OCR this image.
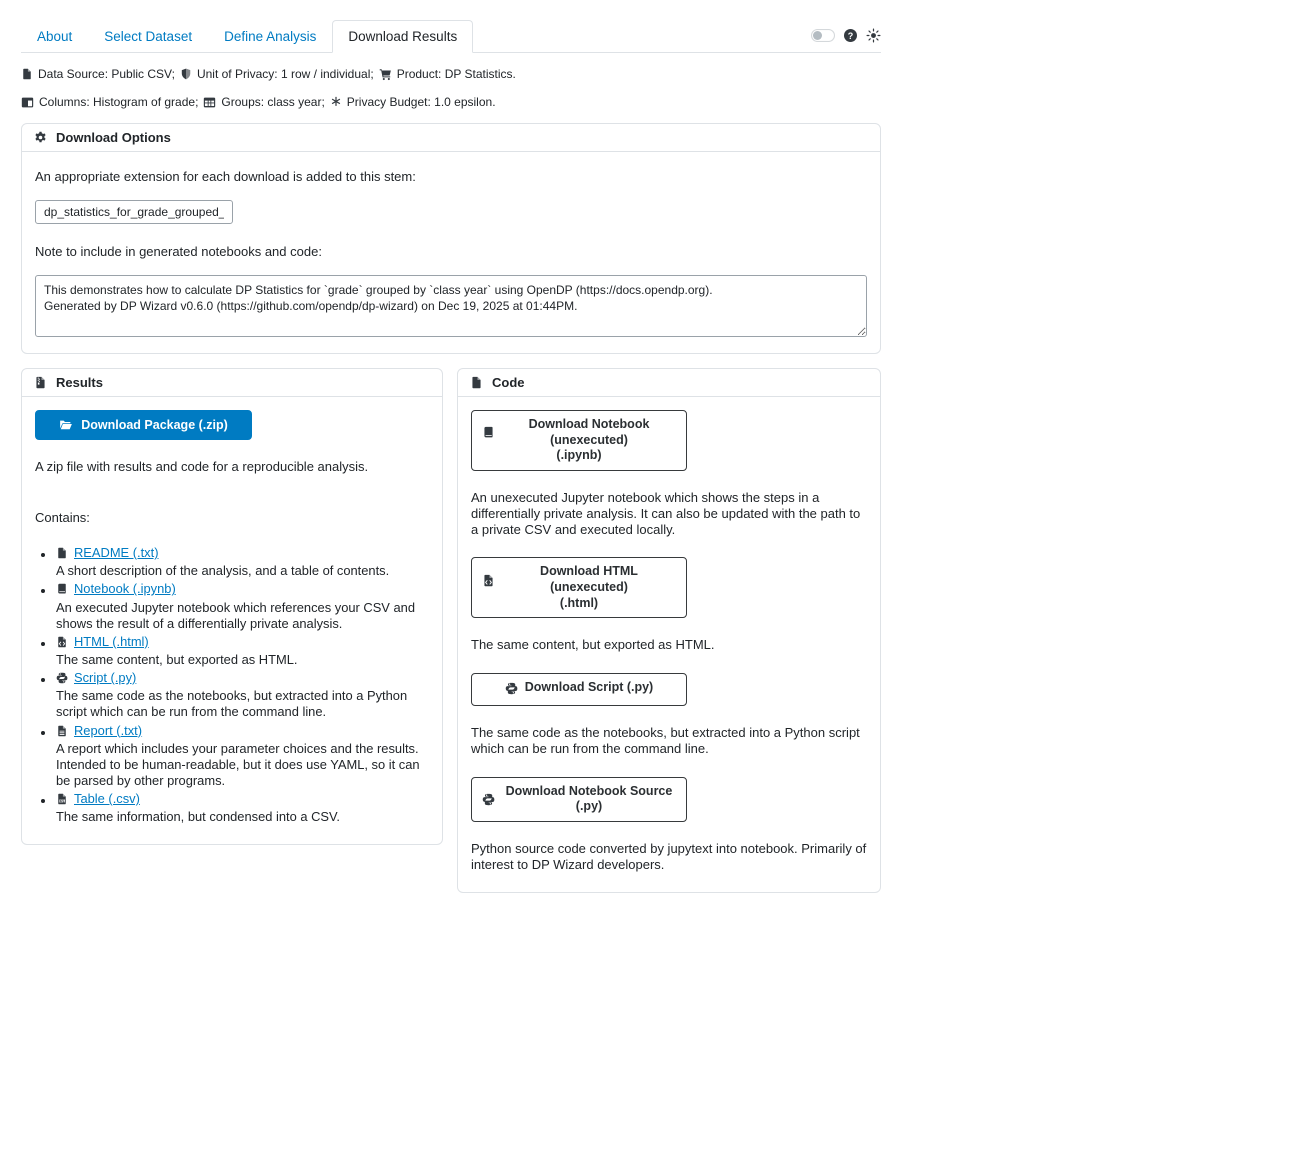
About	Select Dataset	Define Analysis	Download Results	?
Data Source: Public CSV; Unit of Privacy: 1 row / individual; Product: DP Statistics.
Columns: Histogram of grade; Groups: class year; Privacy Budget: 1.0 epsilon.
Download Options

An appropriate extension for each download is added to this stem:

dp_statistics_for_grade_grouped_by_cla

Note to include in generated notebooks and code:

This demonstrates how to calculate DP Statistics for `grade` grouped by `class year` using OpenDP (https://docs.opendp.org). Generated by DP Wizard v0.6.0 (https://github.com/opendp/dp-wizard) on Dec 19, 2025 at 01:44PM.
Results
Download Package (.zip)

A zip file with results and code for a reproducible analysis.

Contains:

• README (.txt)
A short description of the analysis, and a table of contents.
• Notebook (.ipynb)
An executed Jupyter notebook which references your CSV and shows the result of a differentially private analysis.
• HTML (.html)
The same content, but exported as HTML.
• Script (.py)
The same code as the notebooks, but extracted into a Python script which can be run from the command line.
• Report (.txt)
A report which includes your parameter choices and the results. Intended to be human-readable, but it does use YAML, so it can be parsed by other programs.
• Table (.csv)
The same information, but condensed into a CSV.
Code
Download Notebook (unexecuted)
(.ipynb)

An unexecuted Jupyter notebook which shows the steps in a differentially private analysis. It can also be updated with the path to a private CSV and executed locally.

Download HTML (unexecuted)
(.html)

The same content, but exported as HTML.

Download Script (.py)

The same code as the notebooks, but extracted into a Python script which can be run from the command line.

Download Notebook Source (.py)

Python source code converted by jupytext into notebook. Primarily of interest to DP Wizard developers.
